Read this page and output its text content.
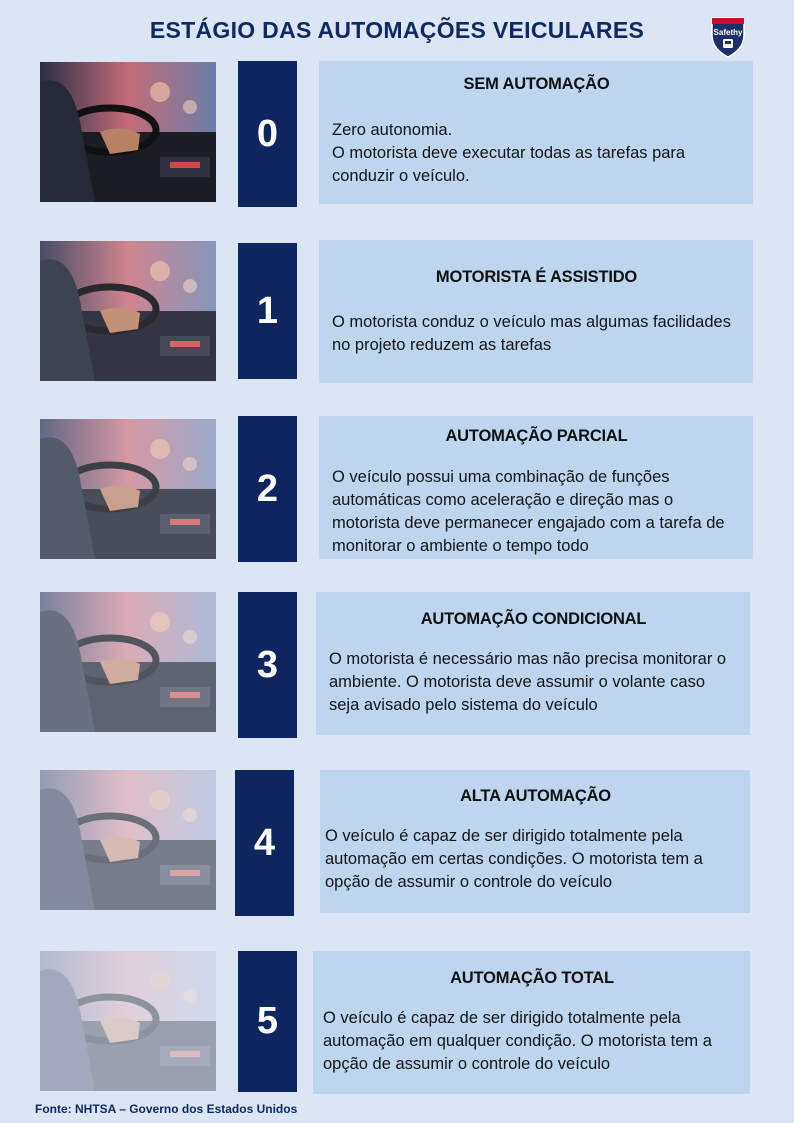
ESTÁGIO DAS AUTOMAÇÕES VEICULARES	Safethy
0
SEM AUTOMAÇÃO
Zero autonomia.
O motorista deve executar todas as tarefas para conduzir o veículo.
1
MOTORISTA É ASSISTIDO
O motorista conduz o veículo mas algumas facilidades no projeto reduzem as tarefas
2
AUTOMAÇÃO PARCIAL
O veículo possui uma combinação de funções automáticas como aceleração e direção mas o motorista deve permanecer engajado com a tarefa de monitorar o ambiente o tempo todo
3
AUTOMAÇÃO CONDICIONAL
O motorista é necessário mas não precisa monitorar o ambiente. O motorista deve assumir o volante caso seja avisado pelo sistema do veículo
4
ALTA AUTOMAÇÃO
O veículo é capaz de ser dirigido totalmente pela automação em certas condições. O motorista tem a opção de assumir o controle do veículo
5
AUTOMAÇÃO TOTAL
O veículo é capaz de ser dirigido totalmente pela automação em qualquer condição. O motorista tem a opção de assumir o controle do veículo
Fonte: NHTSA – Governo dos Estados Unidos
